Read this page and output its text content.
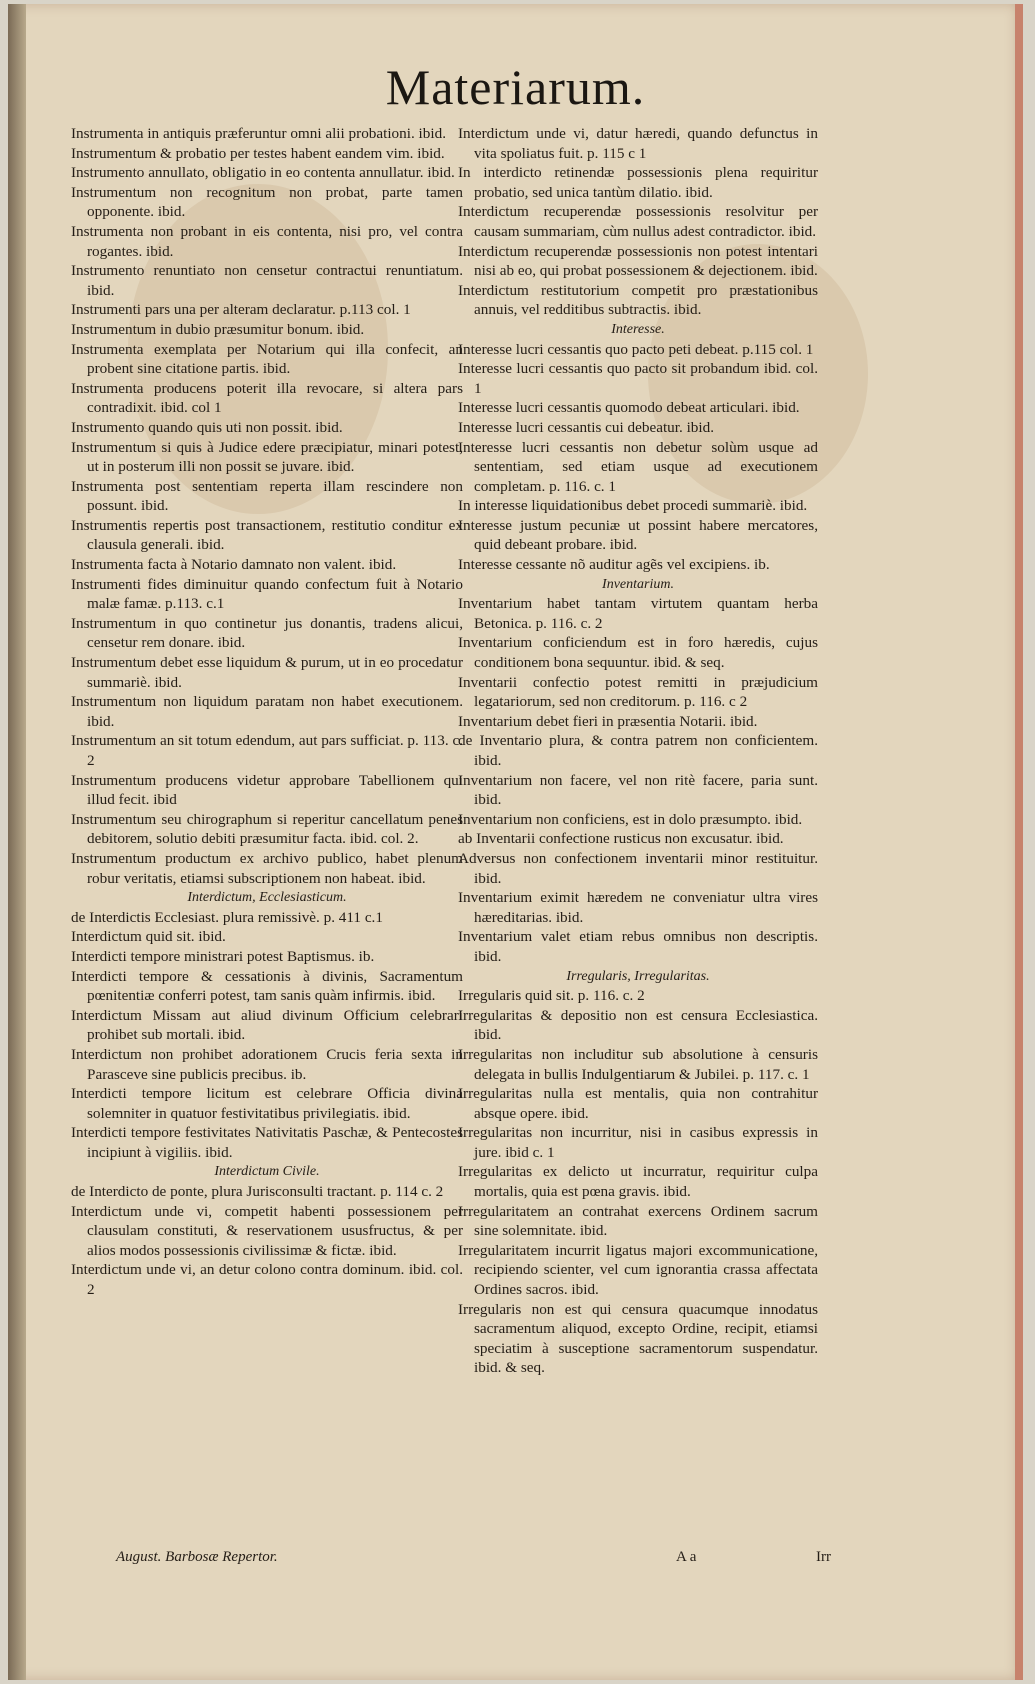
Materiarum.

Instrumenta in antiquis præferuntur omni alii probationi. ibid.

Instrumentum & probatio per testes habent eandem vim. ibid.

Instrumento annullato, obligatio in eo contenta annullatur. ibid.

Instrumentum non recognitum non probat, parte tamen opponente. ibid.

Instrumenta non probant in eis contenta, nisi pro, vel contra rogantes. ibid.

Instrumento renuntiato non censetur contractui renuntiatum. ibid.

Instrumenti pars una per alteram declaratur. p.113 col. 1

Instrumentum in dubio præsumitur bonum. ibid.

Instrumenta exemplata per Notarium qui illa confecit, an probent sine citatione partis. ibid.

Instrumenta producens poterit illa revocare, si altera pars contradixit. ibid. col 1

Instrumento quando quis uti non possit. ibid.

Instrumentum si quis à Judice edere præcipiatur, minari potest, ut in posterum illi non possit se juvare. ibid.

Instrumenta post sententiam reperta illam rescindere non possunt. ibid.

Instrumentis repertis post transactionem, restitutio conditur ex clausula generali. ibid.

Instrumenta facta à Notario damnato non valent. ibid.

Instrumenti fides diminuitur quando confectum fuit à Notario malæ famæ. p.113. c.1

Instrumentum in quo continetur jus donantis, tradens alicui, censetur rem donare. ibid.

Instrumentum debet esse liquidum & purum, ut in eo procedatur summariè. ibid.

Instrumentum non liquidum paratam non habet executionem. ibid.

Instrumentum an sit totum edendum, aut pars sufficiat. p. 113. c. 2

Instrumentum producens videtur approbare Tabellionem qui illud fecit. ibid

Instrumentum seu chirographum si reperitur cancellatum penes debitorem, solutio debiti præsumitur facta. ibid. col. 2.

Instrumentum productum ex archivo publico, habet plenum robur veritatis, etiamsi subscriptionem non habeat. ibid.

Interdictum, Ecclesiasticum.

de Interdictis Ecclesiast. plura remissivè. p. 411 c.1

Interdictum quid sit. ibid.

Interdicti tempore ministrari potest Baptismus. ib.

Interdicti tempore & cessationis à divinis, Sacramentum pœnitentiæ conferri potest, tam sanis quàm infirmis. ibid.

Interdictum Missam aut aliud divinum Officium celebrari prohibet sub mortali. ibid.

Interdictum non prohibet adorationem Crucis feria sexta in Parasceve sine publicis precibus. ib.

Interdicti tempore licitum est celebrare Officia divina solemniter in quatuor festivitatibus privilegiatis. ibid.

Interdicti tempore festivitates Nativitatis Paschæ, & Pentecostes incipiunt à vigiliis. ibid.

Interdictum Civile.

de Interdicto de ponte, plura Jurisconsulti tractant. p. 114 c. 2

Interdictum unde vi, competit habenti possessionem per clausulam constituti, & reservationem ususfructus, & per alios modos possessionis civilissimæ & fictæ. ibid.

Interdictum unde vi, an detur colono contra dominum. ibid. col. 2

Interdictum unde vi, datur hæredi, quando defunctus in vita spoliatus fuit. p. 115 c 1

In interdicto retinendæ possessionis plena requiritur probatio, sed unica tantùm dilatio. ibid.

Interdictum recuperendæ possessionis resolvitur per causam summariam, cùm nullus adest contradictor. ibid.

Interdictum recuperendæ possessionis non potest intentari nisi ab eo, qui probat possessionem & dejectionem. ibid.

Interdictum restitutorium competit pro præstationibus annuis, vel redditibus subtractis. ibid.

Interesse.

Interesse lucri cessantis quo pacto peti debeat. p.115 col. 1

Interesse lucri cessantis quo pacto sit probandum ibid. col. 1

Interesse lucri cessantis quomodo debeat articulari. ibid.

Interesse lucri cessantis cui debeatur. ibid.

Interesse lucri cessantis non debetur solùm usque ad sententiam, sed etiam usque ad executionem completam. p. 116. c. 1

In interesse liquidationibus debet procedi summariè. ibid.

Interesse justum pecuniæ ut possint habere mercatores, quid debeant probare. ibid.

Interesse cessante nõ auditur agẽs vel excipiens. ib.

Inventarium.

Inventarium habet tantam virtutem quantam herba Betonica. p. 116. c. 2

Inventarium conficiendum est in foro hæredis, cujus conditionem bona sequuntur. ibid. & seq.

Inventarii confectio potest remitti in præjudicium legatariorum, sed non creditorum. p. 116. c 2

Inventarium debet fieri in præsentia Notarii. ibid.

de Inventario plura, & contra patrem non conficientem. ibid.

Inventarium non facere, vel non ritè facere, paria sunt. ibid.

Inventarium non conficiens, est in dolo præsumpto. ibid.

ab Inventarii confectione rusticus non excusatur. ibid.

Adversus non confectionem inventarii minor restituitur. ibid.

Inventarium eximit hæredem ne conveniatur ultra vires hæreditarias. ibid.

Inventarium valet etiam rebus omnibus non descriptis. ibid.

Irregularis, Irregularitas.

Irregularis quid sit. p. 116. c. 2

Irregularitas & depositio non est censura Ecclesiastica. ibid.

Irregularitas non includitur sub absolutione à censuris delegata in bullis Indulgentiarum & Jubilei. p. 117. c. 1

Irregularitas nulla est mentalis, quia non contrahitur absque opere. ibid.

Irregularitas non incurritur, nisi in casibus expressis in jure. ibid c. 1

Irregularitas ex delicto ut incurratur, requiritur culpa mortalis, quia est pœna gravis. ibid.

Irregularitatem an contrahat exercens Ordinem sacrum sine solemnitate. ibid.

Irregularitatem incurrit ligatus majori excommunicatione, recipiendo scienter, vel cum ignorantia crassa affectata Ordines sacros. ibid.

Irregularis non est qui censura quacumque innodatus sacramentum aliquod, excepto Ordine, recipit, etiamsi speciatim à susceptione sacramentorum suspendatur. ibid. & seq.

August. Barbosæ Repertor.	A a	Irr
